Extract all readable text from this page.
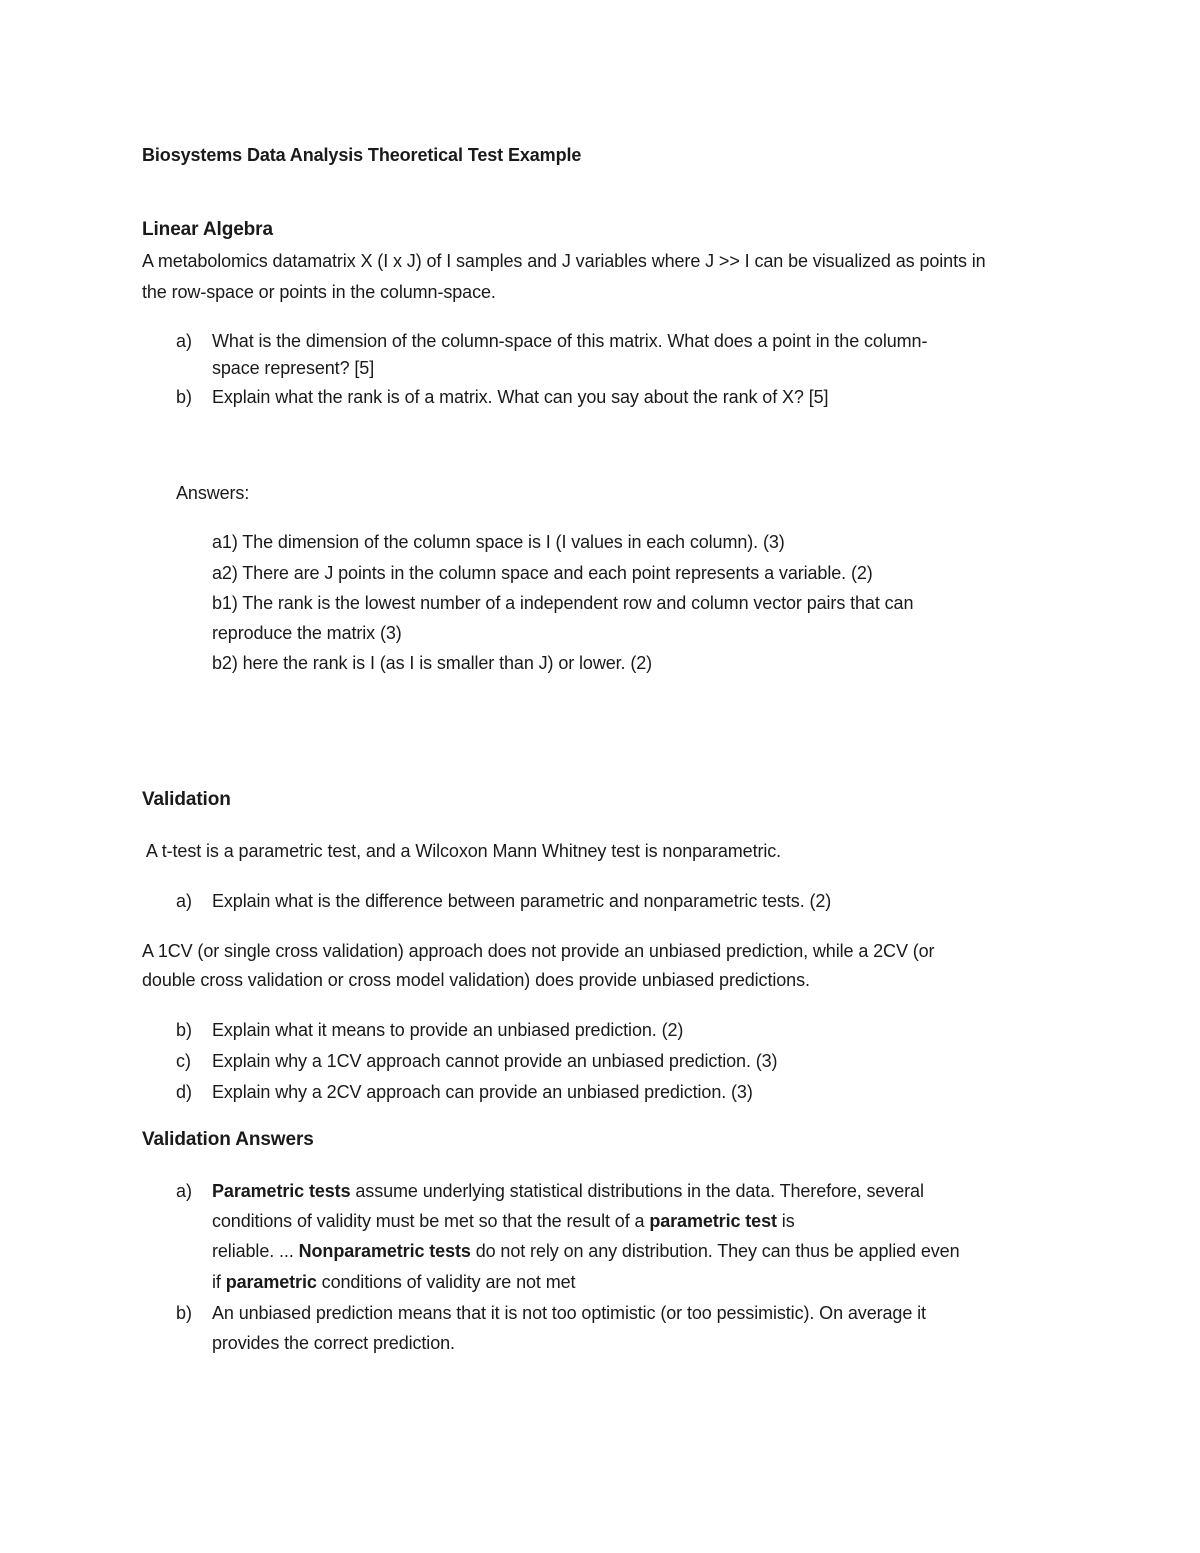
Biosystems Data Analysis Theoretical Test Example
Linear Algebra
A metabolomics datamatrix X (I x J) of I samples and J variables where J >> I can be visualized as points in
the row-space or points in the column-space.
a) What is the dimension of the column-space of this matrix. What does a point in the column-
space represent? [5]
b) Explain what the rank is of a matrix. What can you say about the rank of X? [5]
Answers:
a1) The dimension of the column space is I (I values in each column). (3)
a2) There are J points in the column space and each point represents a variable. (2)
b1) The rank is the lowest number of a independent row and column vector pairs that can
reproduce the matrix (3)
b2) here the rank is I (as I is smaller than J) or lower. (2)
Validation
A t-test is a parametric test, and a Wilcoxon Mann Whitney test is nonparametric.
a) Explain what is the difference between parametric and nonparametric tests. (2)
A 1CV (or single cross validation) approach does not provide an unbiased prediction, while a 2CV (or
double cross validation or cross model validation) does provide unbiased predictions.
b) Explain what it means to provide an unbiased prediction. (2)
c) Explain why a 1CV approach cannot provide an unbiased prediction. (3)
d) Explain why a 2CV approach can provide an unbiased prediction. (3)
Validation Answers
a) Parametric tests assume underlying statistical distributions in the data. Therefore, several
conditions of validity must be met so that the result of a parametric test is
reliable. ... Nonparametric tests do not rely on any distribution. They can thus be applied even
if parametric conditions of validity are not met
b) An unbiased prediction means that it is not too optimistic (or too pessimistic). On average it
provides the correct prediction.
